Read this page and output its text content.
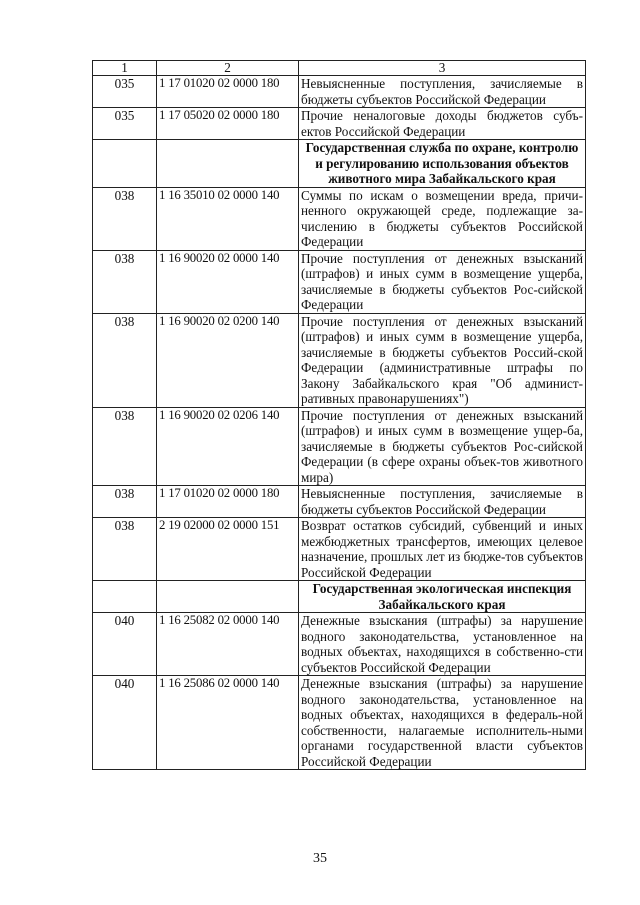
1	2	3
035	1 17 01020 02 0000 180	Невыясненные поступления, зачисляемые в бюджеты субъектов Российской Федерации
035	1 17 05020 02 0000 180	Прочие неналоговые доходы бюджетов субъ-ектов Российской Федерации
		Государственная служба по охране, контролю и регулированию использования объектов животного мира Забайкальского края
038	1 16 35010 02 0000 140	Суммы по искам о возмещении вреда, причи-ненного окружающей среде, подлежащие за-числению в бюджеты субъектов Российской Федерации
038	1 16 90020 02 0000 140	Прочие поступления от денежных взысканий (штрафов) и иных сумм в возмещение ущерба, зачисляемые в бюджеты субъектов Рос-сийской Федерации
038	1 16 90020 02 0200 140	Прочие поступления от денежных взысканий (штрафов) и иных сумм в возмещение ущерба, зачисляемые в бюджеты субъектов Россий-ской Федерации (административные штрафы по Закону Забайкальского края "Об админист-ративных правонарушениях")
038	1 16 90020 02 0206 140	Прочие поступления от денежных взысканий (штрафов) и иных сумм в возмещение ущер-ба, зачисляемые в бюджеты субъектов Рос-сийской Федерации (в сфере охраны объек-тов животного мира)
038	1 17 01020 02 0000 180	Невыясненные поступления, зачисляемые в бюджеты субъектов Российской Федерации
038	2 19 02000 02 0000 151	Возврат остатков субсидий, субвенций и иных межбюджетных трансфертов, имеющих целевое назначение, прошлых лет из бюдже-тов субъектов Российской Федерации
		Государственная экологическая инспекция Забайкальского края
040	1 16 25082 02 0000 140	Денежные взыскания (штрафы) за нарушение водного законодательства, установленное на водных объектах, находящихся в собственно-сти субъектов Российской Федерации
040	1 16 25086 02 0000 140	Денежные взыскания (штрафы) за нарушение водного законодательства, установленное на водных объектах, находящихся в федераль-ной собственности, налагаемые исполнитель-ными органами государственной власти субъектов Российской Федерации
35
